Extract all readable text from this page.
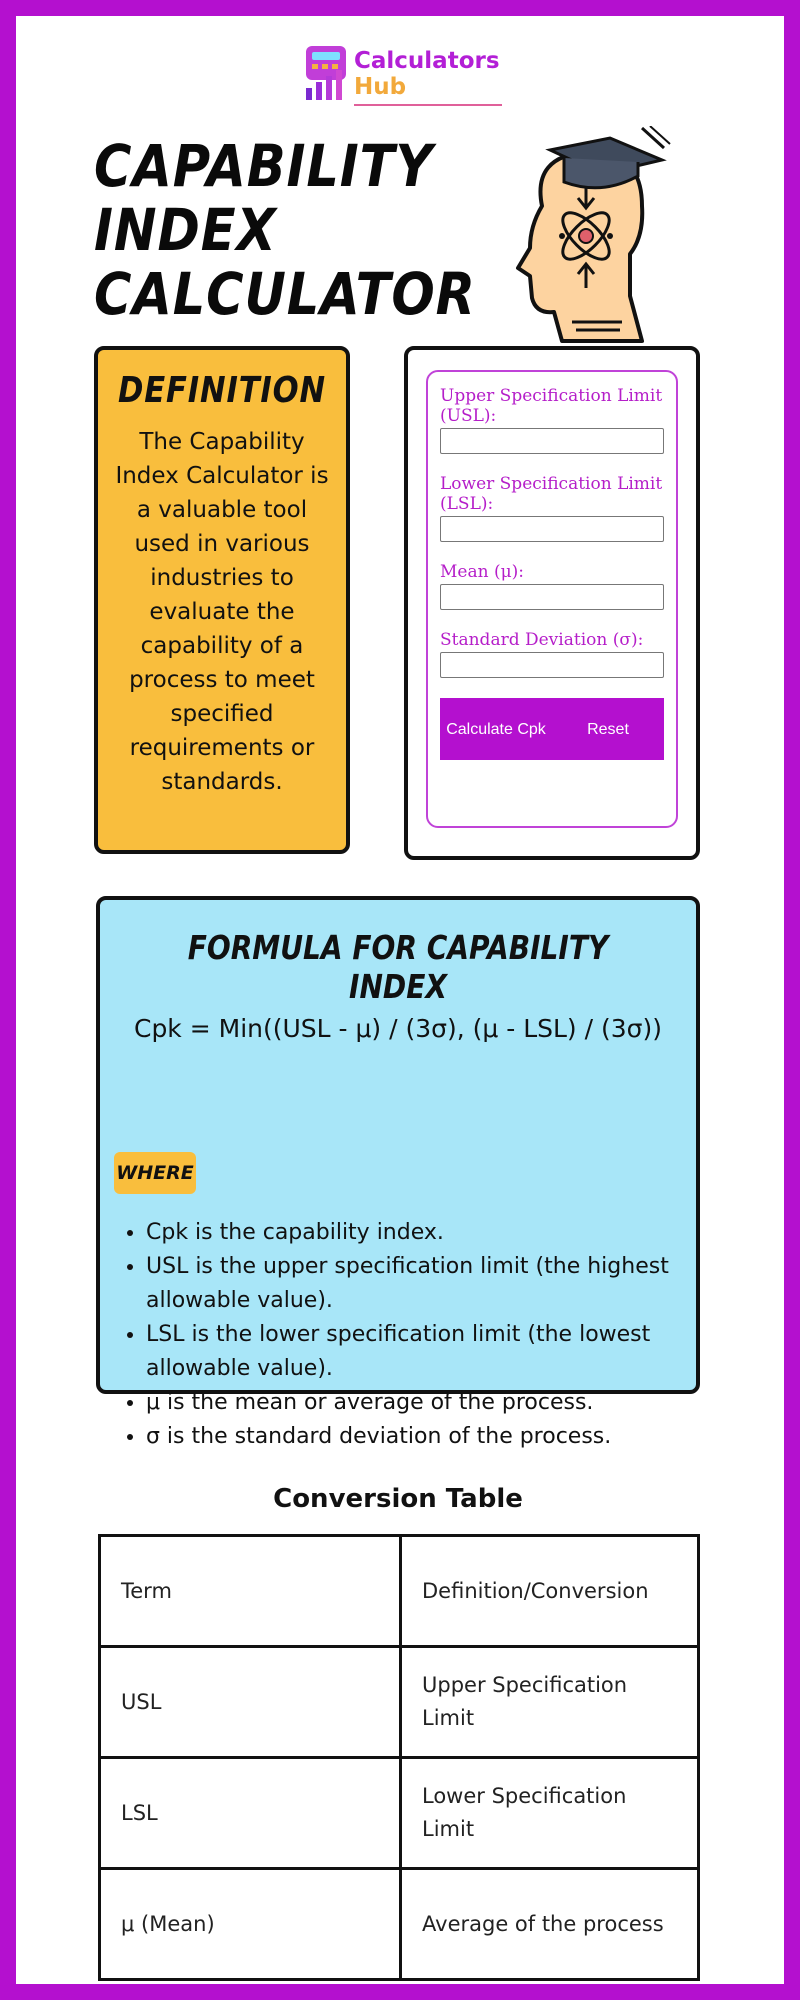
Calculators
Hub
CAPABILITY
INDEX
CALCULATOR
DEFINITION
The Capability Index Calculator is a valuable tool used in various industries to evaluate the capability of a process to meet specified requirements or standards.
Upper Specification Limit (USL):
Lower Specification Limit (LSL):
Mean (μ):
Standard Deviation (σ):
Calculate Cpk	Reset
FORMULA FOR CAPABILITY INDEX
Cpk = Min((USL - μ) / (3σ), (μ - LSL) / (3σ))
WHERE
• Cpk is the capability index.
• USL is the upper specification limit (the highest allowable value).
• LSL is the lower specification limit (the lowest allowable value).
• μ is the mean or average of the process.
• σ is the standard deviation of the process.
Conversion Table
Term	Definition/Conversion
USL	Upper Specification Limit
LSL	Lower Specification Limit
μ (Mean)	Average of the process
